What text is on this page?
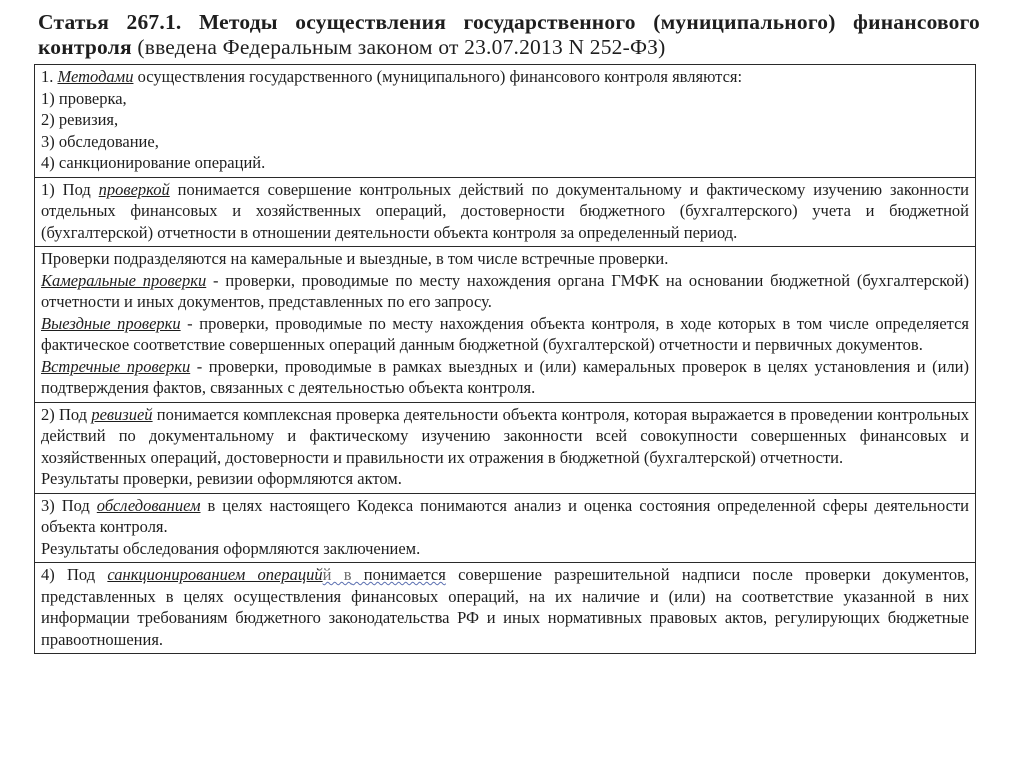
Статья 267.1. Методы осуществления государственного (муниципального) финансового контроля (введена Федеральным законом от 23.07.2013 N 252-ФЗ)

1. Методами осуществления государственного (муниципального) финансового контроля являются:
1) проверка,
2) ревизия,
3) обследование,
4) санкционирование операций.
1) Под проверкой понимается совершение контрольных действий по документальному и фактическому изучению законности отдельных финансовых и хозяйственных операций, достоверности бюджетного (бухгалтерского) учета и бюджетной (бухгалтерской) отчетности в отношении деятельности объекта контроля за определенный период.
Проверки подразделяются на камеральные и выездные, в том числе встречные проверки.
Камеральные проверки - проверки, проводимые по месту нахождения органа ГМФК на основании бюджетной (бухгалтерской) отчетности и иных документов, представленных по его запросу.
Выездные проверки - проверки, проводимые по месту нахождения объекта контроля, в ходе которых в том числе определяется фактическое соответствие совершенных операций данным бюджетной (бухгалтерской) отчетности и первичных документов.
Встречные проверки - проверки, проводимые в рамках выездных и (или) камеральных проверок в целях установления и (или) подтверждения фактов, связанных с деятельностью объекта контроля.
2) Под ревизией понимается комплексная проверка деятельности объекта контроля, которая выражается в проведении контрольных действий по документальному и фактическому изучению законности всей совокупности совершенных финансовых и хозяйственных операций, достоверности и правильности их отражения в бюджетной (бухгалтерской) отчетности.
Результаты проверки, ревизии оформляются актом.
3) Под обследованием в целях настоящего Кодекса понимаются анализ и оценка состояния определенной сферы деятельности объекта контроля.
Результаты обследования оформляются заключением.
4) Под санкционированием операцийй в понимается совершение разрешительной надписи после проверки документов, представленных в целях осуществления финансовых операций, на их наличие и (или) на соответствие указанной в них информации требованиям бюджетного законодательства РФ и иных нормативных правовых актов, регулирующих бюджетные правоотношения.
